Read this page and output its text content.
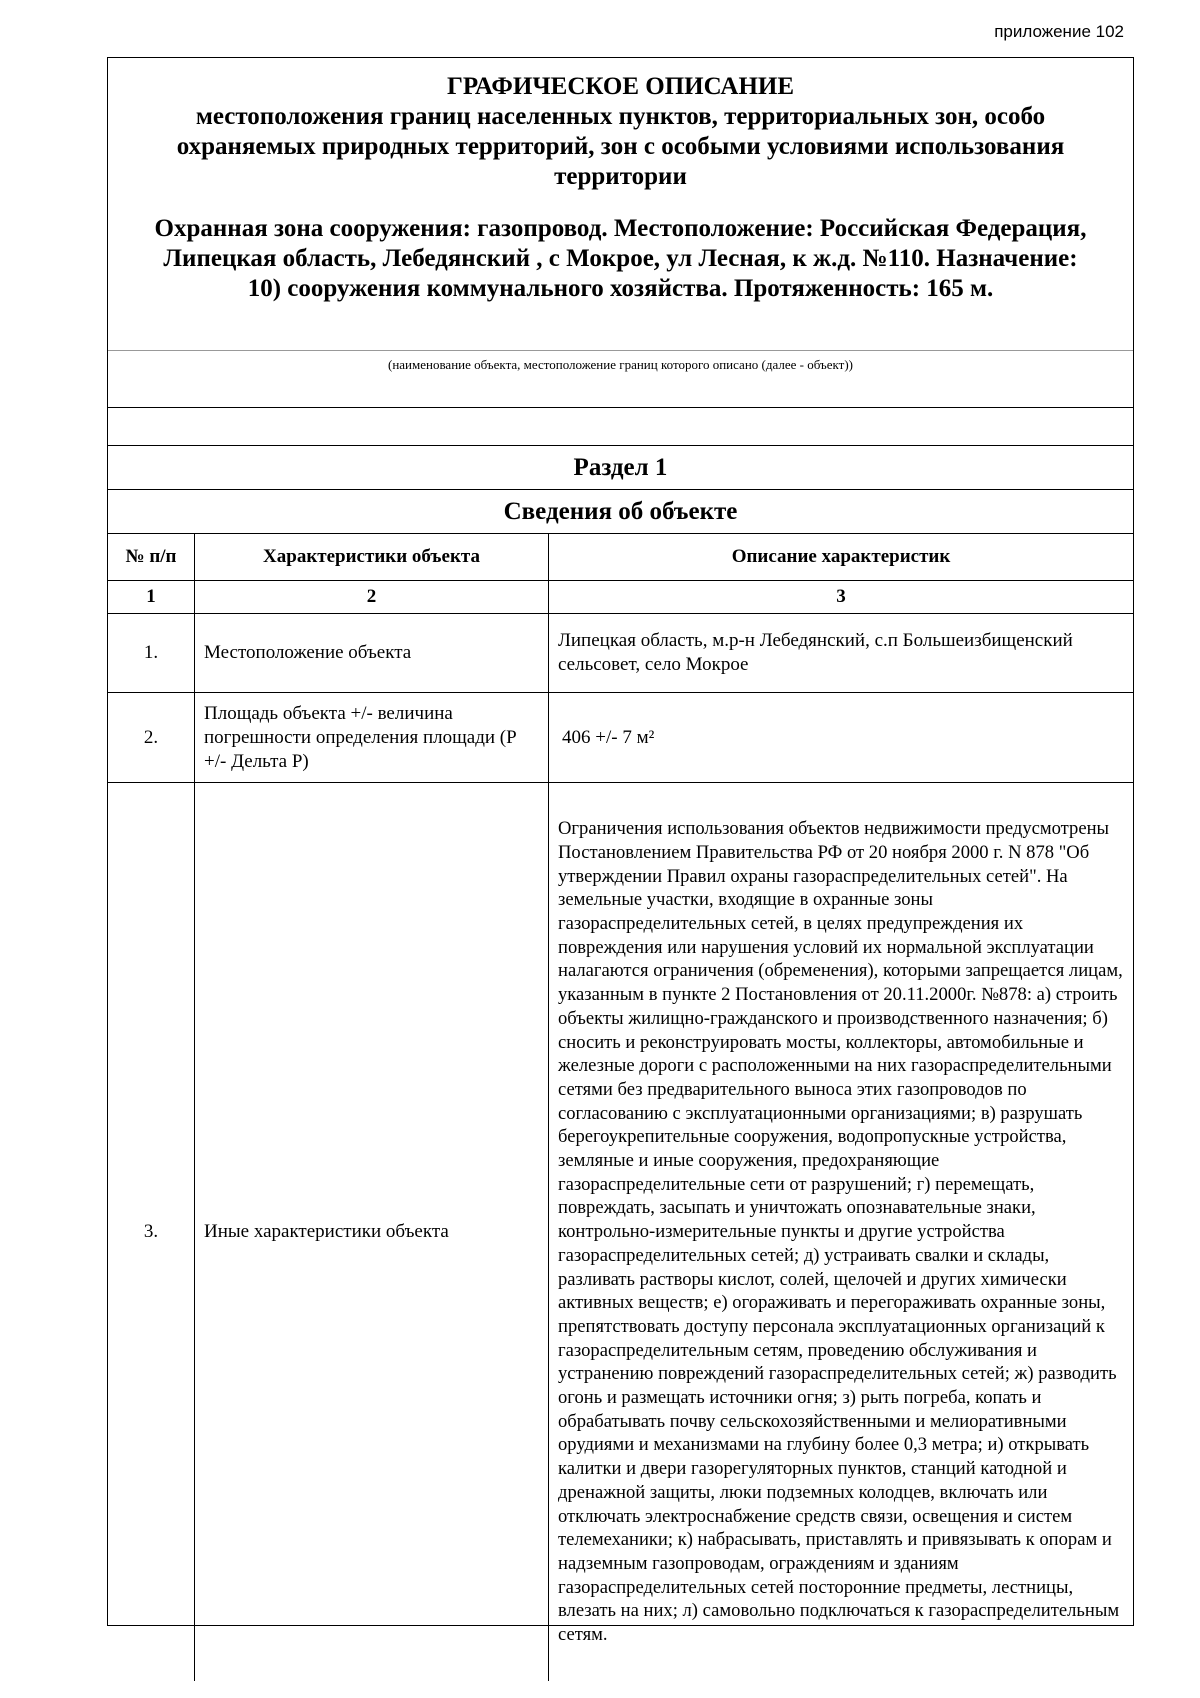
приложение 102
ГРАФИЧЕСКОЕ ОПИСАНИЕ
местоположения границ населенных пунктов, территориальных зон, особо охраняемых природных территорий, зон с особыми условиями использования территории
Охранная зона сооружения: газопровод. Местоположение: Российская Федерация, Липецкая область, Лебедянский , с Мокрое, ул Лесная, к ж.д. №110. Назначение: 10) сооружения коммунального хозяйства. Протяженность: 165 м.
(наименование объекта, местоположение границ которого описано (далее - объект))
Раздел 1
Сведения об объекте
№ п/п	Характеристики объекта	Описание характеристик
1	2	3
1.	Местоположение объекта	Липецкая область, м.р-н Лебедянский, с.п Большеизбищенский сельсовет, село Мокрое

2.	Площадь объекта +/- величина погрешности определения площади (Р +/- Дельта Р)	406 +/- 7 м²

3.	Иные характеристики объекта	Ограничения использования объектов недвижимости предусмотрены Постановлением Правительства РФ от 20 ноября 2000 г. N 878 "Об утверждении Правил охраны газораспределительных сетей". На земельные участки, входящие в охранные зоны газораспределительных сетей, в целях предупреждения их повреждения или нарушения условий их нормальной эксплуатации налагаются ограничения (обременения), которыми запрещается лицам, указанным в пункте 2 Постановления от 20.11.2000г. №878: а) строить объекты жилищно-гражданского и производственного назначения; б) сносить и реконструировать мосты, коллекторы, автомобильные и железные дороги с расположенными на них газораспределительными сетями без предварительного выноса этих газопроводов по согласованию с эксплуатационными организациями; в) разрушать берегоукрепительные сооружения, водопропускные устройства, земляные и иные сооружения, предохраняющие газораспределительные сети от разрушений; г) перемещать, повреждать, засыпать и уничтожать опознавательные знаки, контрольно-измерительные пункты и другие устройства газораспределительных сетей; д) устраивать свалки и склады, разливать растворы кислот, солей, щелочей и других химически активных веществ; е) огораживать и перегораживать охранные зоны, препятствовать доступу персонала эксплуатационных организаций к газораспределительным сетям, проведению обслуживания и устранению повреждений газораспределительных сетей; ж) разводить огонь и размещать источники огня; з) рыть погреба, копать и обрабатывать почву сельскохозяйственными и мелиоративными орудиями и механизмами на глубину более 0,3 метра; и) открывать калитки и двери газорегуляторных пунктов, станций катодной и дренажной защиты, люки подземных колодцев, включать или отключать электроснабжение средств связи, освещения и систем телемеханики; к) набрасывать, приставлять и привязывать к опорам и надземным газопроводам, ограждениям и зданиям газораспределительных сетей посторонние предметы, лестницы, влезать на них; л) самовольно подключаться к газораспределительным сетям.
